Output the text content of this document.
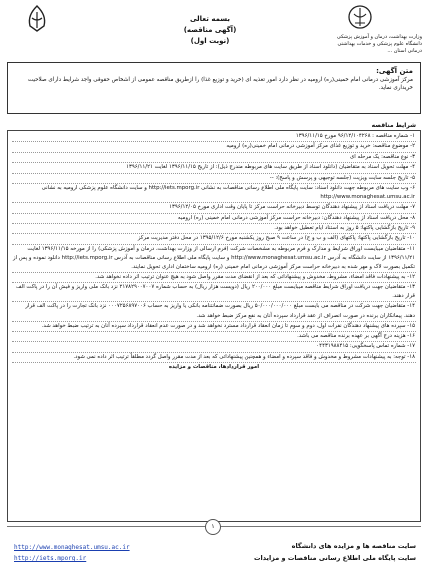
بسمه تعالی
(آگهی مناقصه)
(نوبت اول)	وزارت بهداشت، درمان و آموزش پزشکی
دانشگاه علوم پزشکی و خدمات بهداشتی
درمانی استان ...
متن آگهی:
مرکز آموزشی درمانی امام خمینی(ره) ارومیه در نظر دارد امور تغذیه ای (خرید و توزیع غذا) را ازطریق مناقصه عمومی از اشخاص حقوقی واجد شرایط دارای صلاحیت خریداری نماید.
شرایط مناقصه
۱- شماره مناقصه : ۹۶/۱۲/۱۰۴۲۶۸ مورخ ۱۳۹۶/۱۱/۱۵
۲- موضوع مناقصه: خرید و توزیع غذای مرکز آموزشی درمانی امام خمینی(ره) ارومیه
۳- نوع مناقصه: یک مرحله ای
۴- مهلت تحویل اسناد به متقاضیان (دانلود اسناد از طریق سایت های مربوطه مندرج ذیل): از تاریخ ۱۳۹۶/۱۱/۱۵ لغایت ۱۳۹۶/۱۱/۲۱
۵- تاریخ جلسه سایت ویزیت (جلسه توجیهی و پرسش و پاسخ): --
۶- وب سایت های مربوطه جهت دانلود اسناد: سایت پایگاه ملی اطلاع رسانی مناقصات به نشانی http://iets.mporg.ir و سایت دانشگاه علوم پزشکی ارومیه به نشانی http://www.monaghesat.umsu.ac.ir
۷- مهلت دریافت اسناد از پیشنهاد دهندگان توسط دبیرخانه حراست مرکز تا پایان وقت اداری مورخ ۱۳۹۶/۱۲/۰۵
۸- محل دریافت اسناد از پیشنهاد دهندگان: دبیرخانه حراست مرکز آموزشی درمانی امام خمینی (ره) ارومیه
۹- تاریخ بازگشایی پاکتها: ۵ روز به استناد ایام تعطیل خواهد بود.
۱۰- تاریخ بازگشایی پاکتها: پاکتهای (الف و ب و ج) در ساعت ۹ صبح روز یکشنبه مورخ ۱۳۹۵/۱۲/۶ در محل دفتر مدیریت مرکز
۱۱- متقاضیان میبایست اوراق شرایط و مدارک و فرم مربوطه به مشخصات شرکت (فرم ارسالی از وزارت بهداشت، درمان و آموزش پزشکی) را از مورخه ۱۳۹۶/۱۱/۱۵ لغایت ۱۳۹۶/۱۱/۲۱ از سایت دانشگاه به آدرس http://www.monaghesat.umsu.ac.ir و سایت پایگاه ملی اطلاع رسانی مناقصات به آدرس http://iets.mporg.ir دانلود نموده و پس از تکمیل بصورت لاک و مهر شده به دبیرخانه حراست مرکز آموزشی درمانی امام خمینی (ره) ارومیه ساختمان اداری تحویل نمایند.
۱۲- به پیشنهادات فاقد امضاء، مشروط، مخدوش و پیشنهاداتی که بعد از انقضای مدت مقرر واصل شود به هیچ عنوان ترتیب اثر داده نخواهد شد.
۱۳- متقاضیان جهت دریافت اوراق شرایط مناقصه میبایست مبلغ ۲۰۰/۰۰۰ ریال (دویست هزار ریال) به حساب شماره ۲۱۷۸۲۹۰۰۷۰۰۷ نزد بانک ملی واریز و فیش آن را در پاکت الف قرار دهند.
۱۴- متقاضیان جهت شرکت در مناقصه می بایست مبلغ ۵۰/۰۰۰/۰۰۰/۰۰۰ ریال بصورت ضمانتنامه بانکی یا واریز به حساب ۰۰۰۷۲۵۶۸۹۷۰۰۶ نزد بانک تجارت را در پاکت الف قرار دهند. پیمانکاران برنده در صورت انصراف از عقد قرارداد سپرده آنان به نفع مرکز ضبط خواهد شد.
۱۵- سپرده های پیشنهاد دهندگان نفرات اول، دوم و سوم تا زمان انعقاد قرارداد مسترد نخواهد شد و در صورت عدم انعقاد قرارداد سپرده آنان به ترتیب ضبط خواهد شد.
۱۶- هزینه درج آگهی بر عهده برنده مناقصه می باشد.
۱۷- شماره تماس پاسخگویی: ۰۴۴۳۱۹۸۸۴۱۵
۱۸- توجه: به پیشنهادات مشروط و مخدوش و فاقد سپرده و امضاء و همچنین پیشنهاداتی که بعد از مدت مقرر واصل گردد مطلقاً ترتیب اثر داده نمی شود.
امور قراردادها، مناقصات و مزایده
۱
سایت مناقصه ها و مزایده های دانشگاه
سایت پایگاه ملی اطلاع رسانی مناقصات و مزایدات
http://www.monaghesat.umsu.ac.ir
http://iets.mporg.ir
